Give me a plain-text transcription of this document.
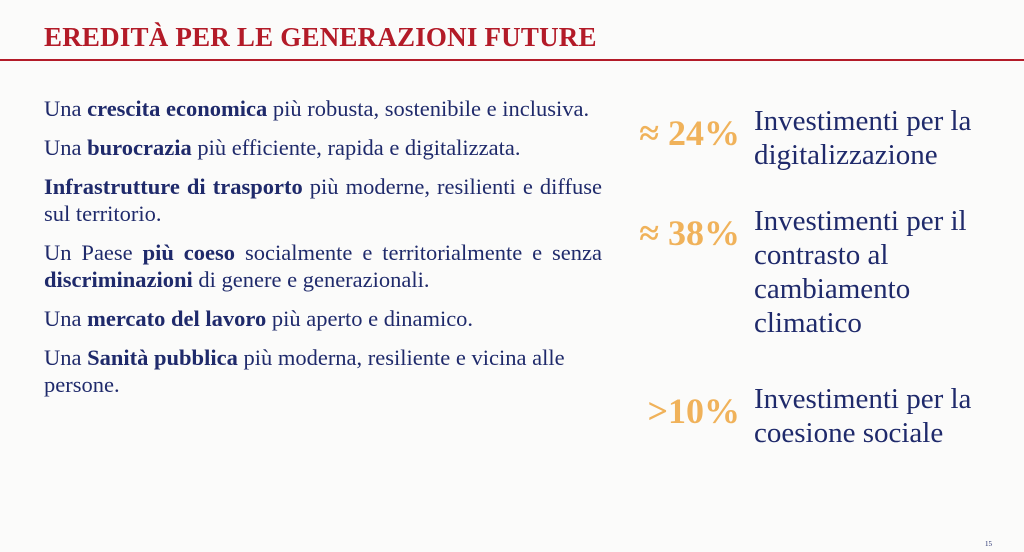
EREDITÀ PER LE GENERAZIONI FUTURE

Una crescita economica più robusta, sostenibile e inclusiva.

Una burocrazia più efficiente, rapida e digitalizzata.

Infrastrutture di trasporto più moderne, resilienti e diffuse sul territorio.

Un Paese più coeso socialmente e territorialmente e senza discriminazioni di genere e generazionali.

Una mercato del lavoro più aperto e dinamico.

Una Sanità pubblica più moderna, resiliente e vicina alle persone.

≈ 24% Investimenti per la digitalizzazione
≈ 38% Investimenti per il contrasto al cambiamento climatico
>10% Investimenti per la coesione sociale
15
